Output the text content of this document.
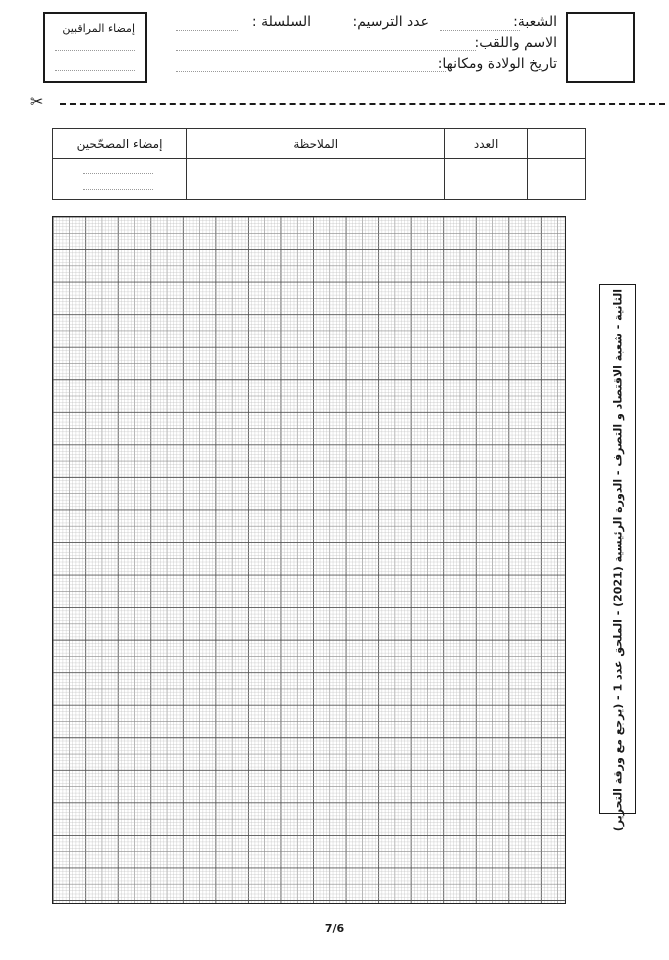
الشعبة:
عدد الترسيم:
السلسلة :
الاسم واللقب:
تاريخ الولادة ومكانها:
إمضاء المراقبين
✂
	العدد	الملاحظة	إمضاء المصحّحين

الثانية - شعبة الاقتصاد و التصرف - الدورة الرئيسية (2021) - الملحق عدد 1 - (يرجع مع ورقة التحرير)
7/6
